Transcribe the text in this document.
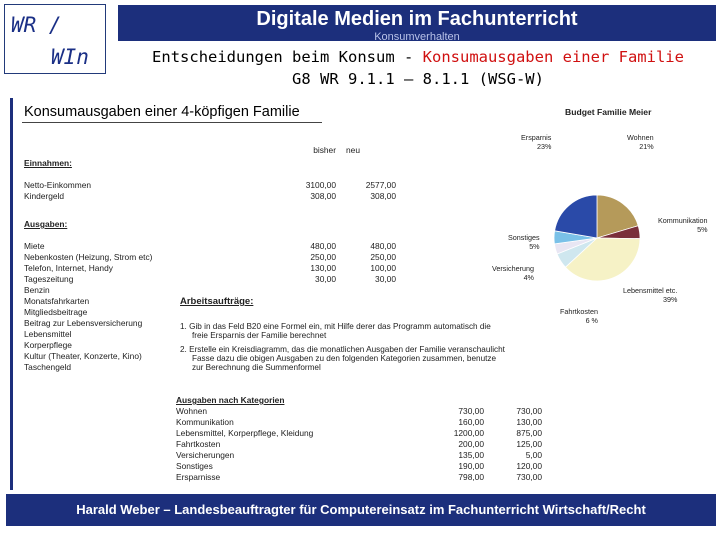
WR /
WIn
Digitale Medien im Fachunterricht
Konsumverhalten
Entscheidungen beim Konsum - Konsumausgaben einer Familie
G8 WR 9.1.1 – 8.1.1 (WSG-W)
Konsumausgaben einer 4-köpfigen Familie
bisher	neu
Einnahmen:
Netto-Einkommen	3100,00	2577,00
Kindergeld	308,00	308,00
Ausgaben:
Miete	480,00	480,00
Nebenkosten (Heizung, Strom etc)	250,00	250,00
Telefon, Internet, Handy	130,00	100,00
Tageszeitung	30,00	30,00
Benzin
Monatsfahrkarten
Mitgliedsbeitrage
Beitrag zur Lebensversicherung
Lebensmittel
Korperpflege
Kultur (Theater, Konzerte, Kino)
Taschengeld
Arbeitsaufträge:
1. Gib in das Feld B20 eine Formel ein, mit Hilfe derer das Programm automatisch die
freie Ersparnis der Familie berechnet
2. Erstelle ein Kreisdiagramm, das die monatlichen Ausgaben der Familie veranschaulicht
Fasse dazu die obigen Ausgaben zu den folgenden Kategorien zusammen, benutze
zur Berechnung die Summenformel
Ausgaben nach Kategorien
Wohnen	730,00	730,00
Kommunikation	160,00	130,00
Lebensmittel, Korperpflege, Kleidung	1200,00	875,00
Fahrtkosten	200,00	125,00
Versicherungen	135,00	5,00
Sonstiges	190,00	120,00
Ersparnisse	798,00	730,00
Budget Familie Meier
Wohnen
21%
Kommunikation
5%
Lebensmittel etc.
39%
Fahrtkosten
6 %
Versicherung
4%
Sonstiges
5%
Ersparnis
23%
Harald Weber – Landesbeauftragter für Computereinsatz im Fachunterricht Wirtschaft/Recht
